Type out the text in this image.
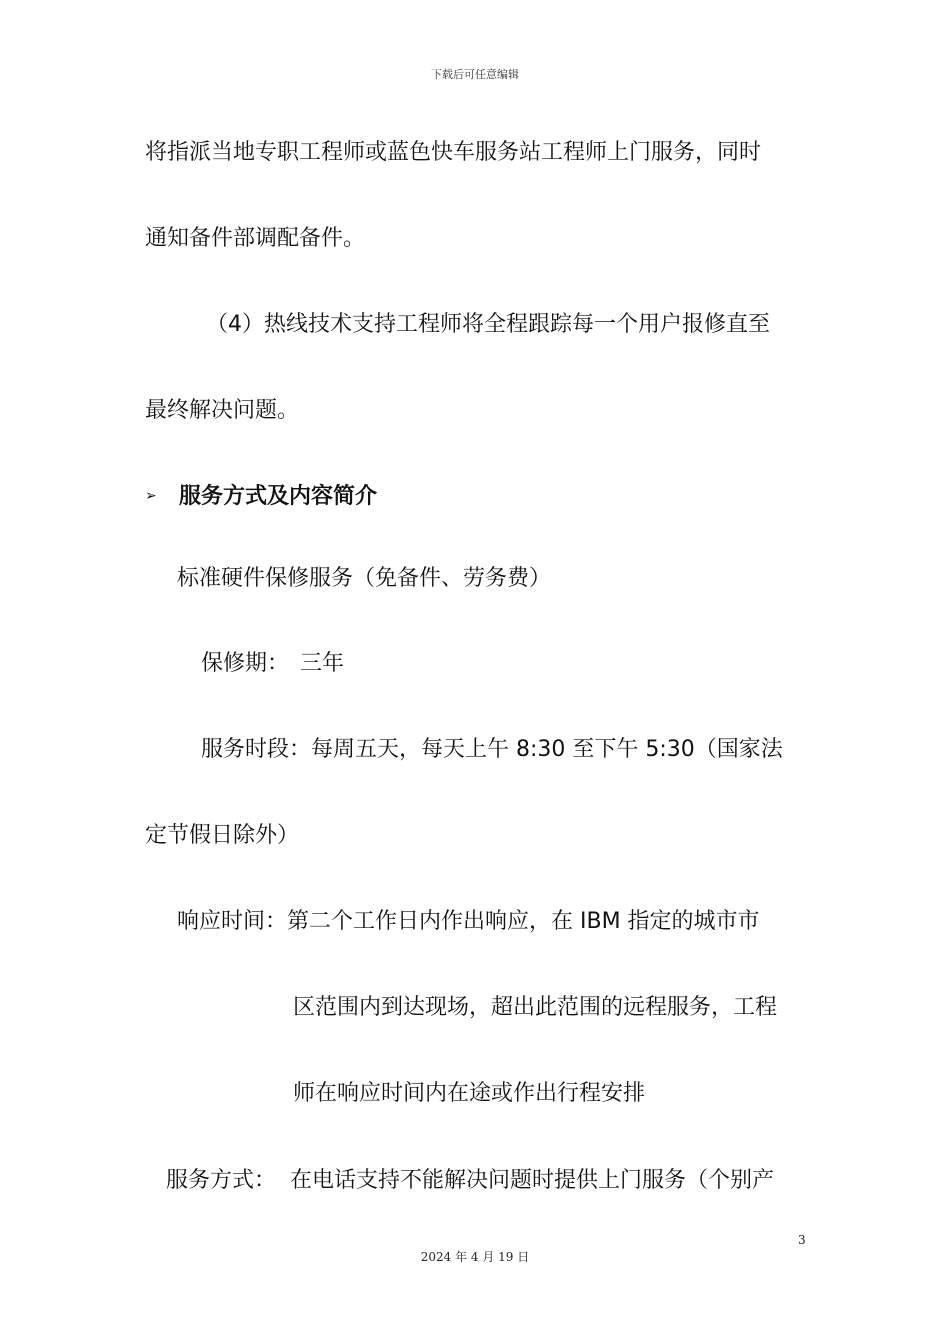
下载后可任意编辑
将指派当地专职工程师或蓝色快车服务站工程师上门服务，同时
通知备件部调配备件。
（4）热线技术支持工程师将全程跟踪每一个用户报修直至
最终解决问题。
➢ 服务方式及内容简介
标准硬件保修服务（免备件、劳务费）
保修期：　三年
服务时段：每周五天，每天上午 8:30 至下午 5:30（国家法
定节假日除外）
响应时间：第二个工作日内作出响应，在 IBM 指定的城市市
区范围内到达现场，超出此范围的远程服务，工程
师在响应时间内在途或作出行程安排
服务方式：  在电话支持不能解决问题时提供上门服务（个别产
3
2024 年 4 月 19 日
